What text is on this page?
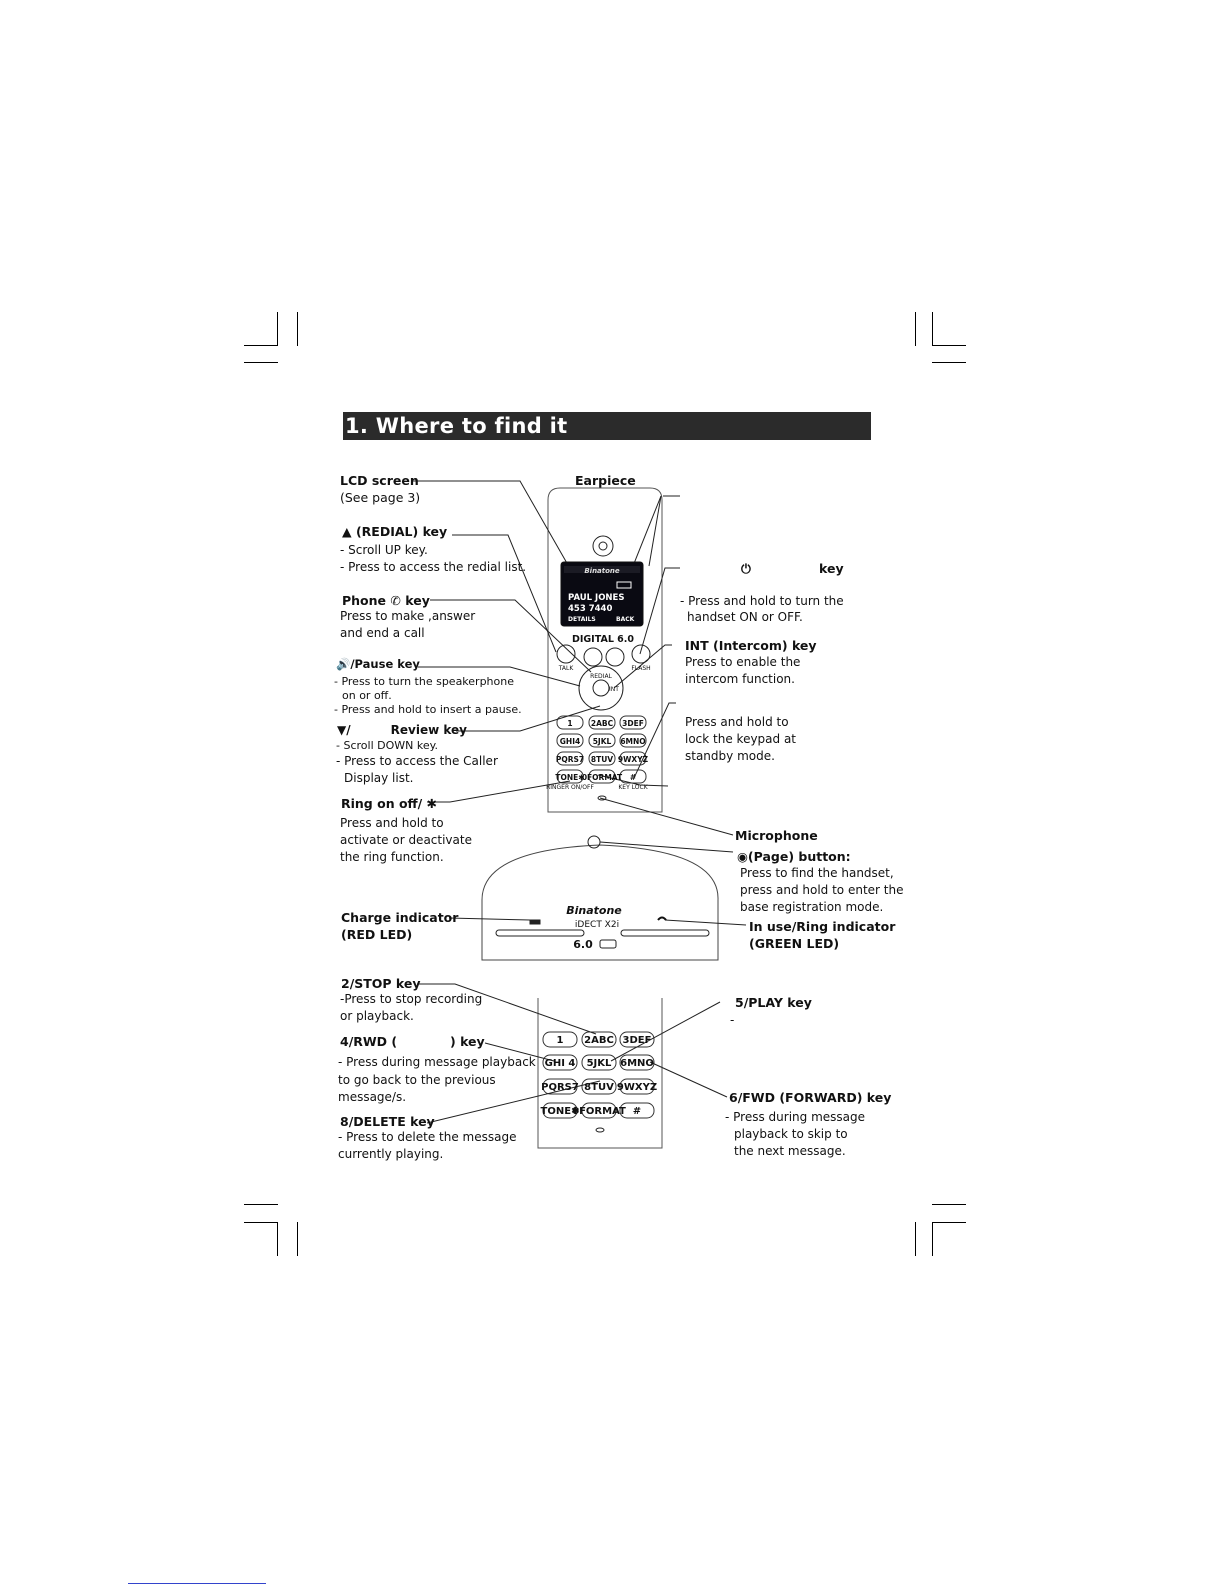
1. Where to find it
Binatone
PAUL JONES
453 7440
DETAILS	BACK
DIGITAL 6.0
TALK	FLASH
REDIAL
INT
RINGER ON/OFF	KEY LOCK
1 2ABC 3DEF
GHI4 5JKL 6MNO
PQRS7 8TUV 9WXYZ
TONE✱
0FORMAT #
Binatone
iDECT X2i
6.0
1 2ABC 3DEF
GHI 4 5JKL 6MNO
PQRS7 8TUV 9WXYZ
TONE✱
0FORMAT #
LCD screen
(See page 3)
Earpiece
▲ (REDIAL) key
- Scroll UP key.
- Press to access the redial list.
Phone ✆ key
Press to make ,answer
and end a call
🔊/Pause key
- Press to turn the speakerphone
on or off.
- Press and hold to insert a pause.
▼/	Review key
- Scroll DOWN key.
- Press to access the Caller
Display list.
Ring on off/ ✱
Press and hold to
activate or deactivate
the ring function.
⏻	key
- Press and hold to turn the
handset ON or OFF.
INT (Intercom) key
Press to enable the
intercom function.
Press and hold to
lock the keypad at
standby mode.
Microphone
◉(Page) button:
Press to find the handset,
press and hold to enter the
base registration mode.
Charge indicator
(RED LED)
In use/Ring indicator
(GREEN LED)
2/STOP key
-Press to stop recording
or playback.
4/RWD (	) key
- Press during message playback
to go back to the previous
message/s.
8/DELETE key
- Press to delete the message
currently playing.
5/PLAY key
-
6/FWD (FORWARD) key
- Press during message
playback to skip to
the next message.
